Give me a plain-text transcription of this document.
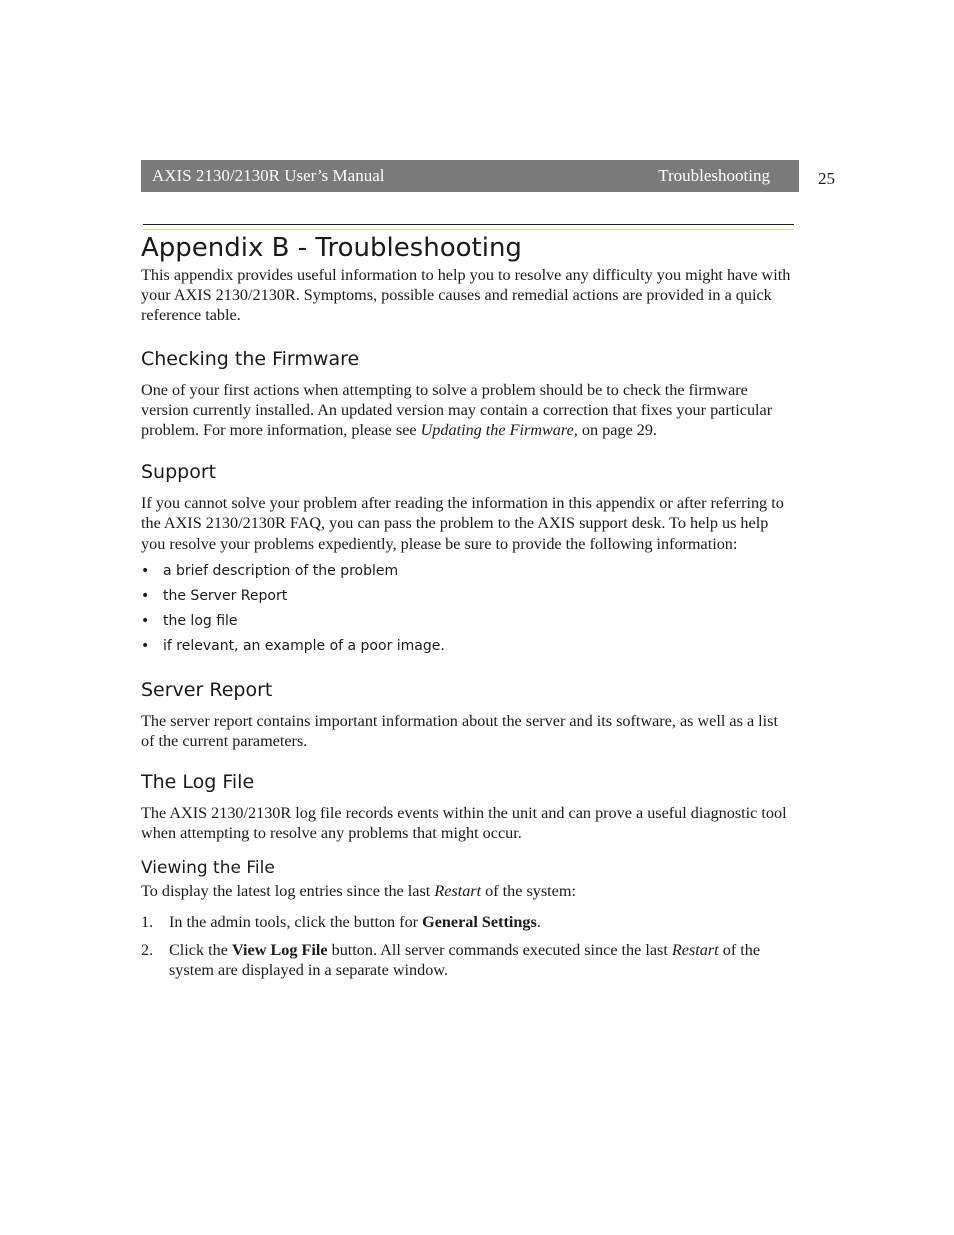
AXIS 2130/2130R User’s Manual	Troubleshooting	25
Appendix B - Troubleshooting

This appendix provides useful information to help you to resolve any difficulty you might have with your AXIS 2130/2130R. Symptoms, possible causes and remedial actions are provided in a quick reference table.

Checking the Firmware

One of your first actions when attempting to solve a problem should be to check the firmware version currently installed. An updated version may contain a correction that fixes your particular problem. For more information, please see Updating the Firmware, on page 29.

Support

If you cannot solve your problem after reading the information in this appendix or after referring to the AXIS 2130/2130R FAQ, you can pass the problem to the AXIS support desk. To help us help you resolve your problems expediently, please be sure to provide the following information:

• a brief description of the problem
• the Server Report
• the log file
• if relevant, an example of a poor image.
Server Report

The server report contains important information about the server and its software, as well as a list of the current parameters.

The Log File

The AXIS 2130/2130R log file records events within the unit and can prove a useful diagnostic tool when attempting to resolve any problems that might occur.

Viewing the File

To display the latest log entries since the last Restart of the system:

1. In the admin tools, click the button for General Settings.
2. Click the View Log File button. All server commands executed since the last Restart of the system are displayed in a separate window.
